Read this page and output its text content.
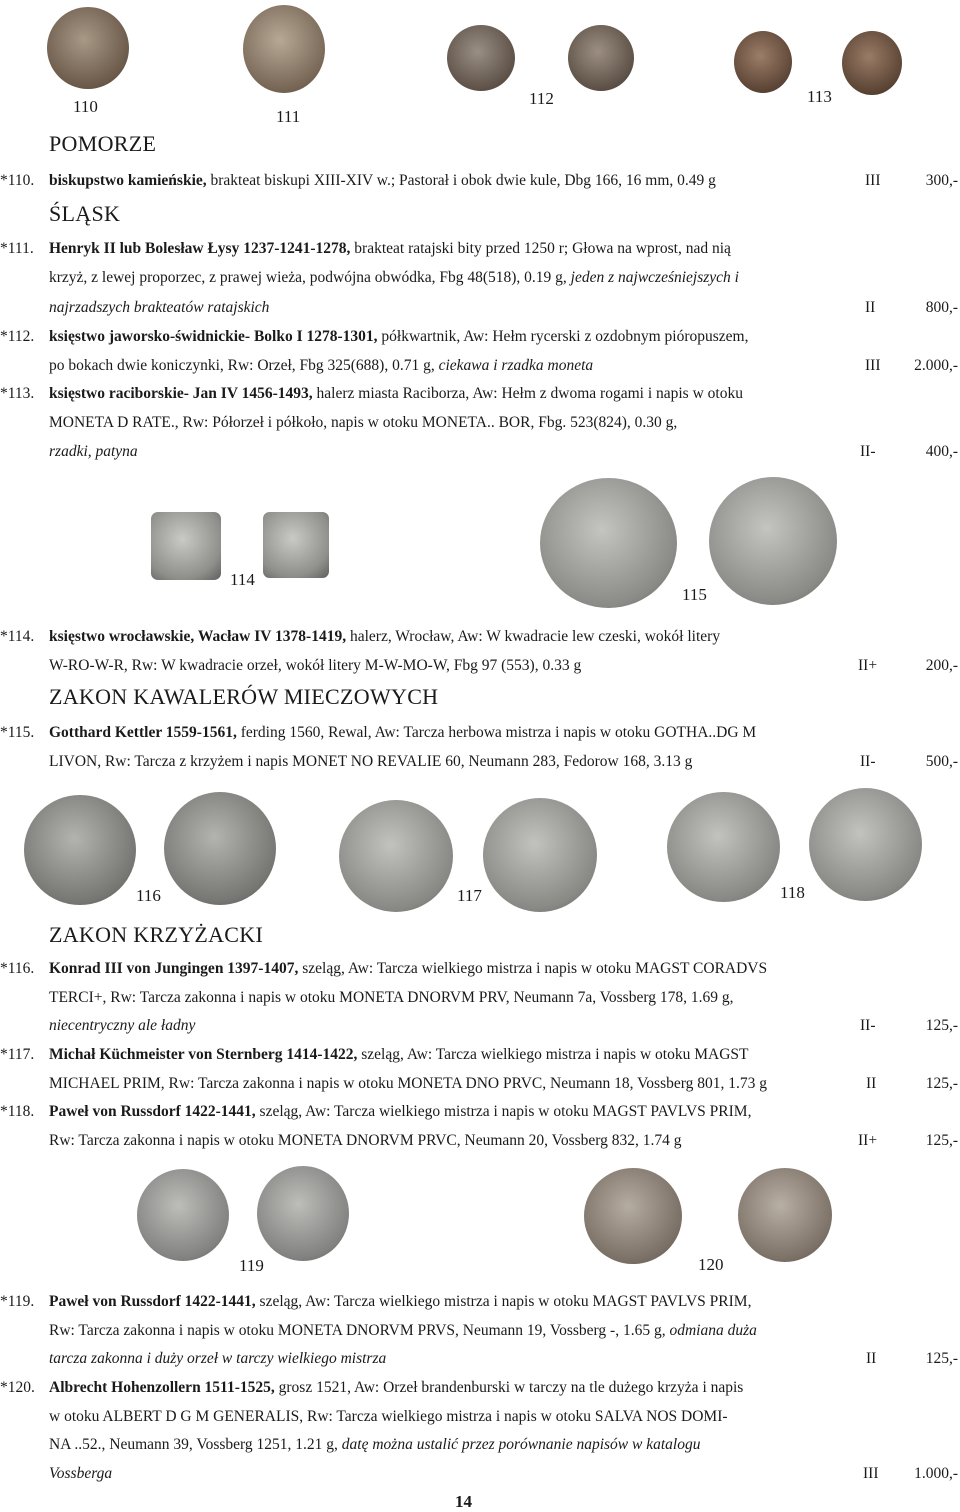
110
111
112	113
POMORZE
*110. biskupstwo kamieńskie, brakteat biskupi XIII-XIV w.; Pastorał i obok dwie kule, Dbg 166, 16 mm, 0.49 g	III	300,-
ŚLĄSK
*111. Henryk II lub Bolesław Łysy 1237-1241-1278, brakteat ratajski bity przed 1250 r; Głowa na wprost, nad nią
krzyż, z lewej proporzec, z prawej wieża, podwójna obwódka, Fbg 48(518), 0.19 g, jeden z najwcześniejszych i
najrzadszych brakteatów ratajskich	II	800,-
*112. księstwo jaworsko-świdnickie- Bolko I 1278-1301, półkwartnik, Aw: Hełm rycerski z ozdobnym pióropuszem,
po bokach dwie koniczynki, Rw: Orzeł, Fbg 325(688), 0.71 g, ciekawa i rzadka moneta	III 2.000,-
*113. księstwo raciborskie- Jan IV 1456-1493, halerz miasta Raciborza, Aw: Hełm z dwoma rogami i napis w otoku
MONETA D RATE., Rw: Półorzeł i półkoło, napis w otoku MONETA.. BOR, Fbg. 523(824), 0.30 g,
rzadki, patyna	II-	400,-
114
115
*114. księstwo wrocławskie, Wacław IV 1378-1419, halerz, Wrocław, Aw: W kwadracie lew czeski, wokół litery
W-RO-W-R, Rw: W kwadracie orzeł, wokół litery M-W-MO-W, Fbg 97 (553), 0.33 g	II+	200,-
ZAKON KAWALERÓW MIECZOWYCH
*115. Gotthard Kettler 1559-1561, ferding 1560, Rewal, Aw: Tarcza herbowa mistrza i napis w otoku GOTHA..DG M
LIVON, Rw: Tarcza z krzyżem i napis MONET NO REVALIE 60, Neumann 283, Fedorow 168, 3.13 g	II-	500,-
116	117	118
ZAKON KRZYŻACKI
*116. Konrad III von Jungingen 1397-1407, szeląg, Aw: Tarcza wielkiego mistrza i napis w otoku MAGST CORADVS
TERCI+, Rw: Tarcza zakonna i napis w otoku MONETA DNORVM PRV, Neumann 7a, Vossberg 178, 1.69 g,
niecentryczny ale ładny	II-	125,-
*117. Michał Küchmeister von Sternberg 1414-1422, szeląg, Aw: Tarcza wielkiego mistrza i napis w otoku MAGST
MICHAEL PRIM, Rw: Tarcza zakonna i napis w otoku MONETA DNO PRVC, Neumann 18, Vossberg 801, 1.73 g	II	125,-
*118. Paweł von Russdorf 1422-1441, szeląg, Aw: Tarcza wielkiego mistrza i napis w otoku MAGST PAVLVS PRIM,
Rw: Tarcza zakonna i napis w otoku MONETA DNORVM PRVC, Neumann 20, Vossberg 832, 1.74 g	II+	125,-
119	120
*119. Paweł von Russdorf 1422-1441, szeląg, Aw: Tarcza wielkiego mistrza i napis w otoku MAGST PAVLVS PRIM,
Rw: Tarcza zakonna i napis w otoku MONETA DNORVM PRVS, Neumann 19, Vossberg -, 1.65 g, odmiana duża
tarcza zakonna i duży orzeł w tarczy wielkiego mistrza	II	125,-
*120. Albrecht Hohenzollern 1511-1525, grosz 1521, Aw: Orzeł brandenburski w tarczy na tle dużego krzyża i napis
w otoku ALBERT D G M GENERALIS, Rw: Tarcza wielkiego mistrza i napis w otoku SALVA NOS DOMI-
NA ..52., Neumann 39, Vossberg 1251, 1.21 g, datę można ustalić przez porównanie napisów w katalogu
Vossberga	III 1.000,-
14
